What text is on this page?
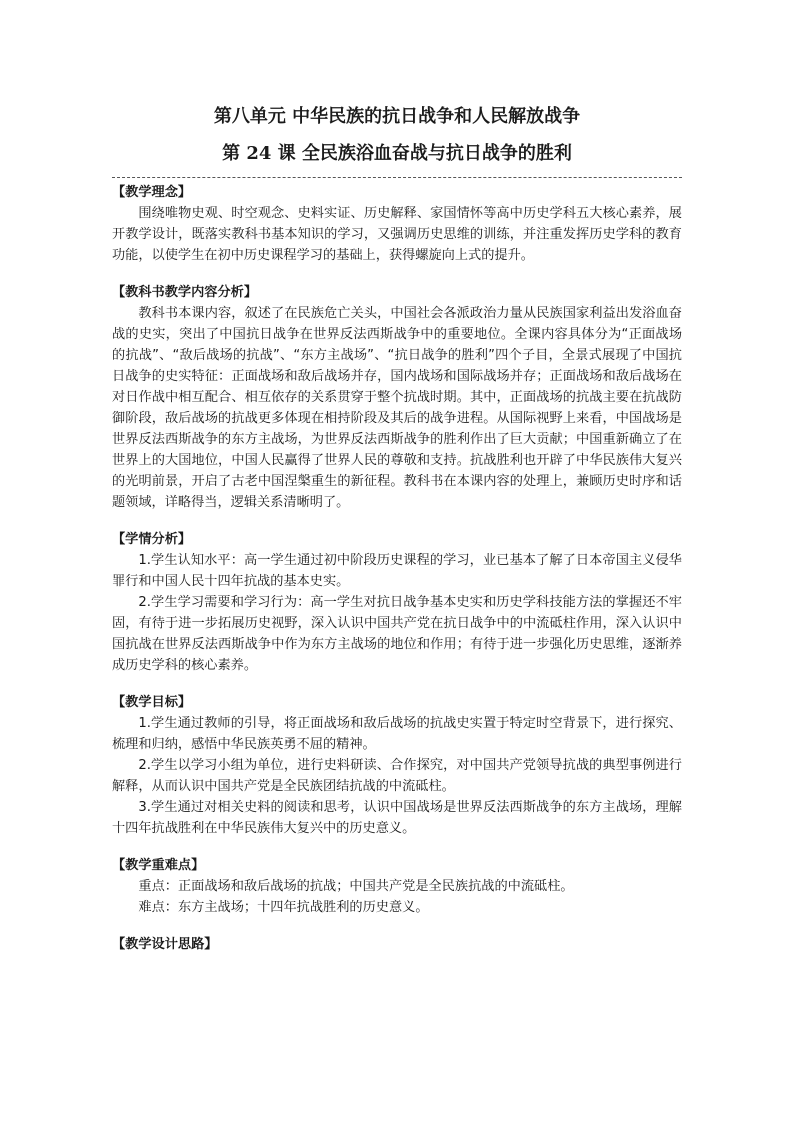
第八单元 中华民族的抗日战争和人民解放战争
第 24 课 全民族浴血奋战与抗日战争的胜利

【教学理念】

围绕唯物史观、时空观念、史料实证、历史解释、家国情怀等高中历史学科五大核心素养，展开教学设计，既落实教科书基本知识的学习，又强调历史思维的训练，并注重发挥历史学科的教育功能，以使学生在初中历史课程学习的基础上，获得螺旋向上式的提升。

【教科书教学内容分析】

教科书本课内容，叙述了在民族危亡关头，中国社会各派政治力量从民族国家利益出发浴血奋战的史实，突出了中国抗日战争在世界反法西斯战争中的重要地位。全课内容具体分为“正面战场的抗战”、“敌后战场的抗战”、“东方主战场”、“抗日战争的胜利”四个子目，全景式展现了中国抗日战争的史实特征：正面战场和敌后战场并存，国内战场和国际战场并存；正面战场和敌后战场在对日作战中相互配合、相互依存的关系贯穿于整个抗战时期。其中，正面战场的抗战主要在抗战防御阶段，敌后战场的抗战更多体现在相持阶段及其后的战争进程。从国际视野上来看，中国战场是世界反法西斯战争的东方主战场，为世界反法西斯战争的胜利作出了巨大贡献；中国重新确立了在世界上的大国地位，中国人民赢得了世界人民的尊敬和支持。抗战胜利也开辟了中华民族伟大复兴的光明前景，开启了古老中国涅槃重生的新征程。教科书在本课内容的处理上，兼顾历史时序和话题领域，详略得当，逻辑关系清晰明了。

【学情分析】

1.学生认知水平：高一学生通过初中阶段历史课程的学习，业已基本了解了日本帝国主义侵华罪行和中国人民十四年抗战的基本史实。

2.学生学习需要和学习行为：高一学生对抗日战争基本史实和历史学科技能方法的掌握还不牢固，有待于进一步拓展历史视野，深入认识中国共产党在抗日战争中的中流砥柱作用，深入认识中国抗战在世界反法西斯战争中作为东方主战场的地位和作用；有待于进一步强化历史思维，逐渐养成历史学科的核心素养。

【教学目标】

1.学生通过教师的引导，将正面战场和敌后战场的抗战史实置于特定时空背景下，进行探究、梳理和归纳，感悟中华民族英勇不屈的精神。

2.学生以学习小组为单位，进行史料研读、合作探究，对中国共产党领导抗战的典型事例进行解释，从而认识中国共产党是全民族团结抗战的中流砥柱。

3.学生通过对相关史料的阅读和思考，认识中国战场是世界反法西斯战争的东方主战场，理解十四年抗战胜利在中华民族伟大复兴中的历史意义。

【教学重难点】

重点：正面战场和敌后战场的抗战；中国共产党是全民族抗战的中流砥柱。

难点：东方主战场；十四年抗战胜利的历史意义。

【教学设计思路】
